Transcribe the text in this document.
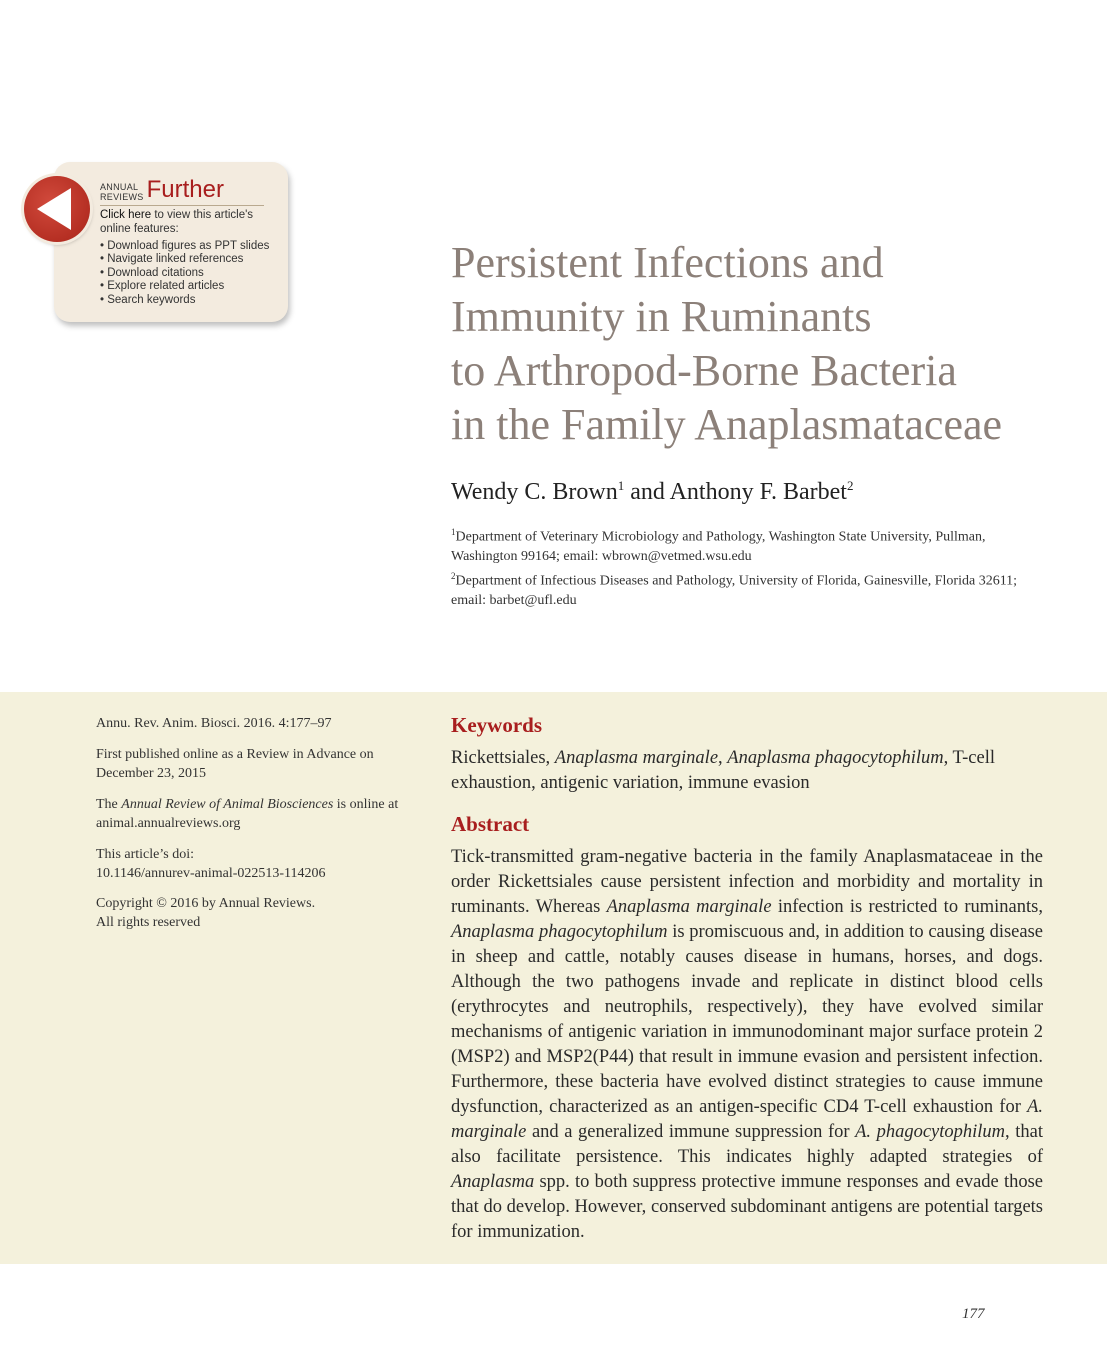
ANNUAL
REVIEWS Further
Click here to view this article's online features:
• Download figures as PPT slides
• Navigate linked references
• Download citations
• Explore related articles
• Search keywords
Persistent Infections and
Immunity in Ruminants
to Arthropod-Borne Bacteria
in the Family Anaplasmataceae
Wendy C. Brown$^1$ and Anthony F. Barbet$^2$
$^1$Department of Veterinary Microbiology and Pathology, Washington State University, Pullman, Washington 99164; email: wbrown@vetmed.wsu.edu
$^2$Department of Infectious Diseases and Pathology, University of Florida, Gainesville, Florida 32611; email: barbet@ufl.edu
Annu. Rev. Anim. Biosci. 2016. 4:177–97
First published online as a Review in Advance on December 23, 2015
The Annual Review of Animal Biosciences is online at animal.annualreviews.org
This article’s doi:
10.1146/annurev-animal-022513-114206
Copyright © 2016 by Annual Reviews.
All rights reserved
Keywords
Rickettsiales, Anaplasma marginale, Anaplasma phagocytophilum, T-cell exhaustion, antigenic variation, immune evasion
Abstract
Tick-transmitted gram-negative bacteria in the family Anaplasmataceae in the order Rickettsiales cause persistent infection and morbidity and mortality in ruminants. Whereas Anaplasma marginale infection is restricted to ruminants, Anaplasma phagocytophilum is promiscuous and, in addition to causing disease in sheep and cattle, notably causes disease in humans, horses, and dogs. Although the two pathogens invade and replicate in distinct blood cells (erythrocytes and neutrophils, respectively), they have evolved similar mechanisms of antigenic variation in immunodominant major surface protein 2 (MSP2) and MSP2(P44) that result in immune evasion and persistent infection. Furthermore, these bacteria have evolved distinct strategies to cause immune dysfunction, characterized as an antigen-specific CD4 T-cell exhaustion for A. marginale and a generalized immune suppression for A. phagocytophilum, that also facilitate persistence. This indicates highly adapted strategies of Anaplasma spp. to both suppress protective immune responses and evade those that do develop. However, conserved subdominant antigens are potential targets for immunization.
177
